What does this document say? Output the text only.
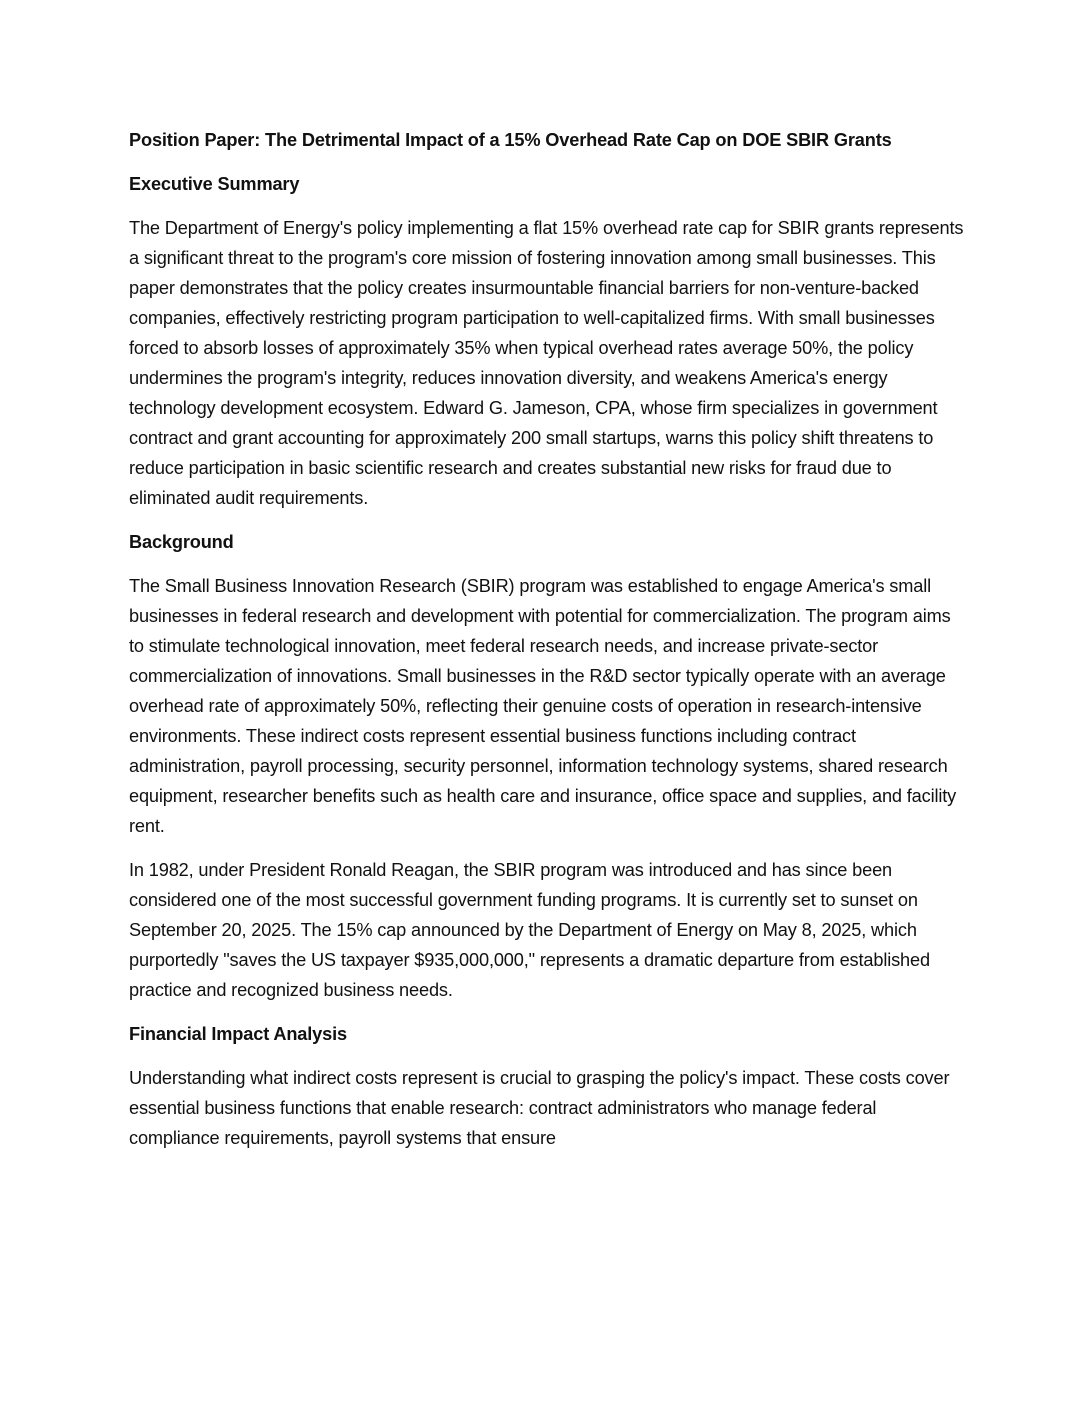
Position Paper: The Detrimental Impact of a 15% Overhead Rate Cap on DOE SBIR Grants
Executive Summary
The Department of Energy's policy implementing a flat 15% overhead rate cap for SBIR grants represents a significant threat to the program's core mission of fostering innovation among small businesses. This paper demonstrates that the policy creates insurmountable financial barriers for non-venture-backed companies, effectively restricting program participation to well-capitalized firms. With small businesses forced to absorb losses of approximately 35% when typical overhead rates average 50%, the policy undermines the program's integrity, reduces innovation diversity, and weakens America's energy technology development ecosystem. Edward G. Jameson, CPA, whose firm specializes in government contract and grant accounting for approximately 200 small startups, warns this policy shift threatens to reduce participation in basic scientific research and creates substantial new risks for fraud due to eliminated audit requirements.
Background
The Small Business Innovation Research (SBIR) program was established to engage America's small businesses in federal research and development with potential for commercialization. The program aims to stimulate technological innovation, meet federal research needs, and increase private-sector commercialization of innovations. Small businesses in the R&D sector typically operate with an average overhead rate of approximately 50%, reflecting their genuine costs of operation in research-intensive environments. These indirect costs represent essential business functions including contract administration, payroll processing, security personnel, information technology systems, shared research equipment, researcher benefits such as health care and insurance, office space and supplies, and facility rent.
In 1982, under President Ronald Reagan, the SBIR program was introduced and has since been considered one of the most successful government funding programs. It is currently set to sunset on September 20, 2025. The 15% cap announced by the Department of Energy on May 8, 2025, which purportedly "saves the US taxpayer $935,000,000," represents a dramatic departure from established practice and recognized business needs.
Financial Impact Analysis
Understanding what indirect costs represent is crucial to grasping the policy's impact. These costs cover essential business functions that enable research: contract administrators who manage federal compliance requirements, payroll systems that ensure
